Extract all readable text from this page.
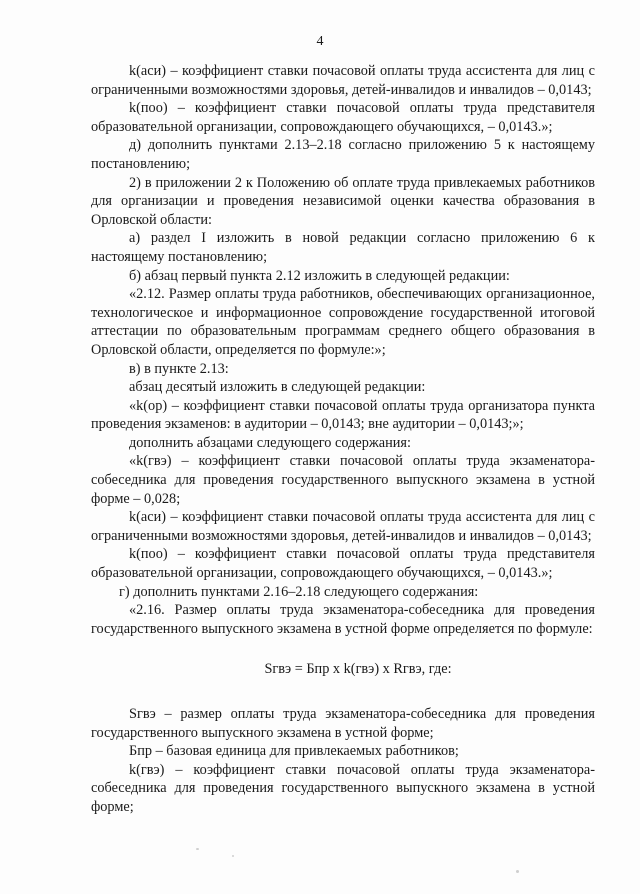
4

k(аси) – коэффициент ставки почасовой оплаты труда ассистента для лиц с ограниченными возможностями здоровья, детей-инвалидов и инвалидов – 0,0143;

k(поо) – коэффициент ставки почасовой оплаты труда представителя образовательной организации, сопровождающего обучающихся, – 0,0143.»;

д) дополнить пунктами 2.13–2.18 согласно приложению 5 к настоящему постановлению;

2) в приложении 2 к Положению об оплате труда привлекаемых работников для организации и проведения независимой оценки качества образования в Орловской области:

а) раздел I изложить в новой редакции согласно приложению 6 к настоящему постановлению;

б) абзац первый пункта 2.12 изложить в следующей редакции:

«2.12. Размер оплаты труда работников, обеспечивающих организационное, технологическое и информационное сопровождение государственной итоговой аттестации по образовательным программам среднего общего образования в Орловской области, определяется по формуле:»;

в) в пункте 2.13:

абзац десятый изложить в следующей редакции:

«k(ор) – коэффициент ставки почасовой оплаты труда организатора пункта проведения экзаменов: в аудитории – 0,0143; вне аудитории – 0,0143;»;

дополнить абзацами следующего содержания:

«k(гвэ) – коэффициент ставки почасовой оплаты труда экзаменатора-собеседника для проведения государственного выпускного экзамена в устной форме – 0,028;

k(аси) – коэффициент ставки почасовой оплаты труда ассистента для лиц с ограниченными возможностями здоровья, детей-инвалидов и инвалидов – 0,0143;

k(поо) – коэффициент ставки почасовой оплаты труда представителя образовательной организации, сопровождающего обучающихся, – 0,0143.»;

г) дополнить пунктами 2.16–2.18 следующего содержания:

«2.16. Размер оплаты труда экзаменатора-собеседника для проведения государственного выпускного экзамена в устной форме определяется по формуле:

Sгвэ = Бпр x k(гвэ) x Rгвэ, где:

Sгвэ – размер оплаты труда экзаменатора-собеседника для проведения государственного выпускного экзамена в устной форме;

Бпр – базовая единица для привлекаемых работников;

k(гвэ) – коэффициент ставки почасовой оплаты труда экзаменатора-собеседника для проведения государственного выпускного экзамена в устной форме;
